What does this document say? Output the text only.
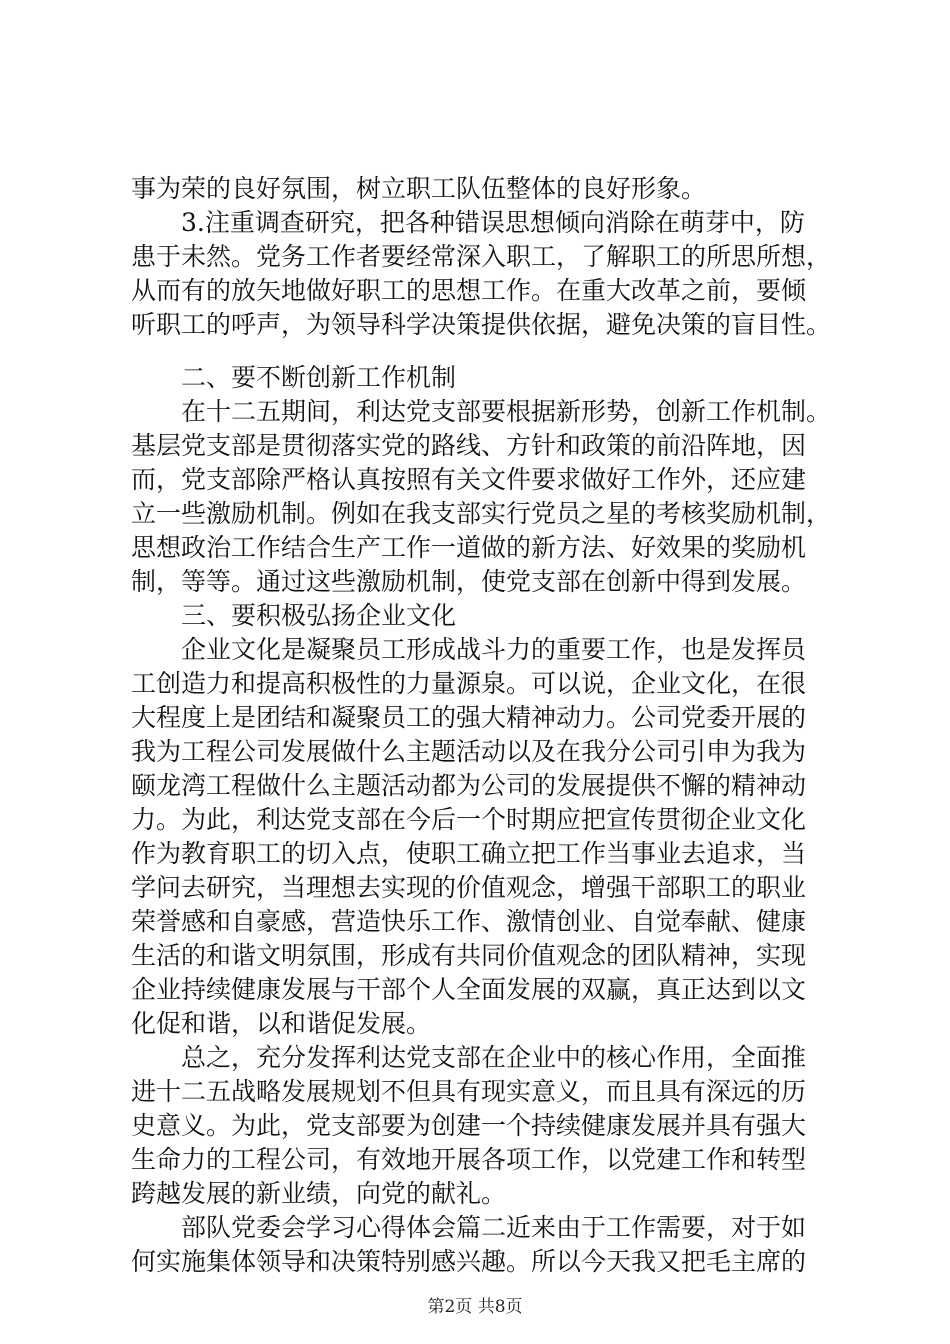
事为荣的良好氛围，树立职工队伍整体的良好形象。
3.注重调查研究，把各种错误思想倾向消除在萌芽中，防
患于未然。党务工作者要经常深入职工，了解职工的所思所想，
从而有的放矢地做好职工的思想工作。在重大改革之前，要倾
听职工的呼声，为领导科学决策提供依据，避免决策的盲目性。
二、要不断创新工作机制
在十二五期间，利达党支部要根据新形势，创新工作机制。
基层党支部是贯彻落实党的路线、方针和政策的前沿阵地，因
而，党支部除严格认真按照有关文件要求做好工作外，还应建
立一些激励机制。例如在我支部实行党员之星的考核奖励机制，
思想政治工作结合生产工作一道做的新方法、好效果的奖励机
制，等等。通过这些激励机制，使党支部在创新中得到发展。
三、要积极弘扬企业文化
企业文化是凝聚员工形成战斗力的重要工作，也是发挥员
工创造力和提高积极性的力量源泉。可以说，企业文化，在很
大程度上是团结和凝聚员工的强大精神动力。公司党委开展的
我为工程公司发展做什么主题活动以及在我分公司引申为我为
颐龙湾工程做什么主题活动都为公司的发展提供不懈的精神动
力。为此，利达党支部在今后一个时期应把宣传贯彻企业文化
作为教育职工的切入点，使职工确立把工作当事业去追求，当
学问去研究，当理想去实现的价值观念，增强干部职工的职业
荣誉感和自豪感，营造快乐工作、激情创业、自觉奉献、健康
生活的和谐文明氛围，形成有共同价值观念的团队精神，实现
企业持续健康发展与干部个人全面发展的双赢，真正达到以文
化促和谐，以和谐促发展。
总之，充分发挥利达党支部在企业中的核心作用，全面推
进十二五战略发展规划不但具有现实意义，而且具有深远的历
史意义。为此，党支部要为创建一个持续健康发展并具有强大
生命力的工程公司，有效地开展各项工作，以党建工作和转型
跨越发展的新业绩，向党的献礼。
部队党委会学习心得体会篇二近来由于工作需要，对于如
何实施集体领导和决策特别感兴趣。所以今天我又把毛主席的
第2页 共8页
